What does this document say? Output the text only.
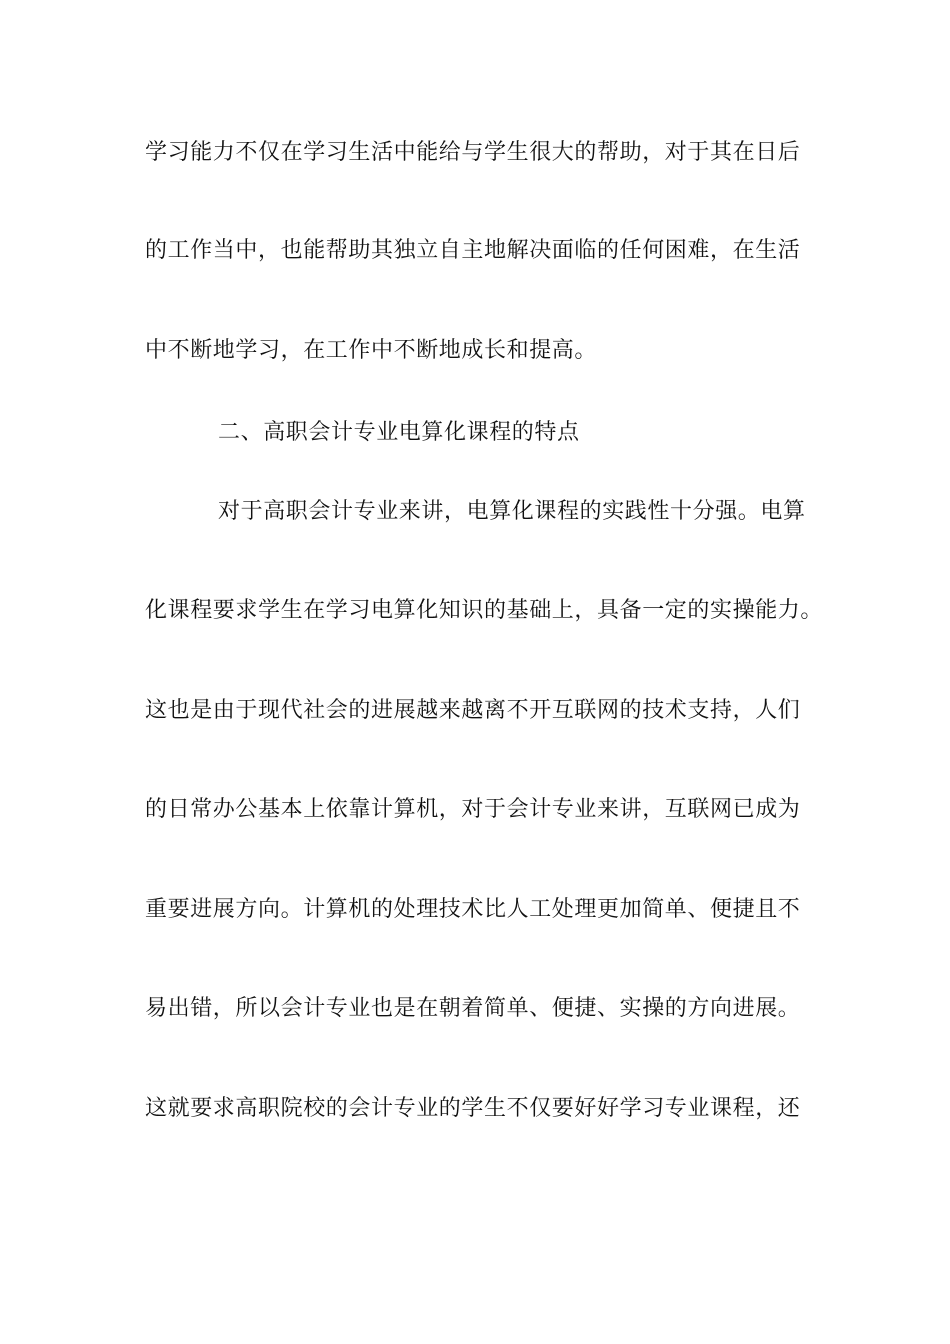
学习能力不仅在学习生活中能给与学生很大的帮助，对于其在日后
的工作当中，也能帮助其独立自主地解决面临的任何困难，在生活
中不断地学习，在工作中不断地成长和提高。
二、高职会计专业电算化课程的特点
对于高职会计专业来讲，电算化课程的实践性十分强。电算
化课程要求学生在学习电算化知识的基础上，具备一定的实操能力。
这也是由于现代社会的进展越来越离不开互联网的技术支持，人们
的日常办公基本上依靠计算机，对于会计专业来讲，互联网已成为
重要进展方向。计算机的处理技术比人工处理更加简单、便捷且不
易出错，所以会计专业也是在朝着简单、便捷、实操的方向进展。
这就要求高职院校的会计专业的学生不仅要好好学习专业课程，还
